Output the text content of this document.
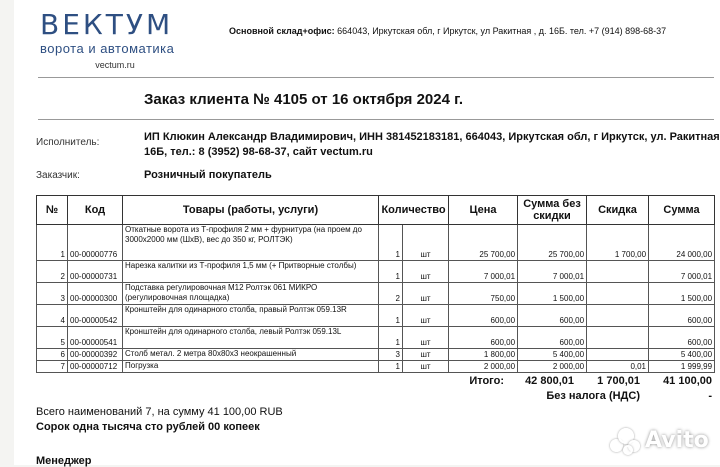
ВЕКТУМ
ворота и автоматика
vectum.ru
Основной склад+офис: 664043, Иркутская обл, г Иркутск, ул Ракитная , д. 16Б. тел. +7 (914) 898-68-37
Заказ клиента № 4105 от 16 октября 2024 г.
Исполнитель:	ИП Клюкин Александр Владимирович, ИНН 381452183181, 664043, Иркутская обл, г Иркутск, ул. Ракитная
16Б, тел.: 8 (3952) 98-68-37, сайт vectum.ru
Заказчик:	Розничный покупатель
№	Код	Товары (работы, услуги)	Количество		Цена	Сумма без скидки	Скидка	Сумма
1	00-00000776	Откатные ворота из Т-профиля 2 мм + фурнитура (на проем до 3000х2000 мм (ШхВ), вес до 350 кг, РОЛТЭК)	1	шт	25 700,00	25 700,00	1 700,00	24 000,00
2	00-00000731	Нарезка калитки из Т-профиля 1,5 мм (+ Притворные столбы)	1	шт	7 000,01	7 000,01		7 000,01
3	00-00000300	Подставка регулировочная М12 Ролтэк 061 МИКРО (регулировочная площадка)	2	шт	750,00	1 500,00		1 500,00
4	00-00000542	Кронштейн для одинарного столба, правый Ролтэк 059.13R	1	шт	600,00	600,00		600,00
5	00-00000541	Кронштейн для одинарного столба, левый Ролтэк 059.13L	1	шт	600,00	600,00		600,00
6	00-00000392	Столб метал. 2 метра 80х80х3 неокрашенный	3	шт	1 800,00	5 400,00		5 400,00
7	00-00000712	Погрузка	1	шт	2 000,00	2 000,00	0,01	1 999,99
Итого:	42 800,01	1 700,01	41 100,00
Без налога (НДС)	-
Всего наименований 7, на сумму 41 100,00 RUB
Сорок одна тысяча сто рублей 00 копеек
Менеджер
Avito
